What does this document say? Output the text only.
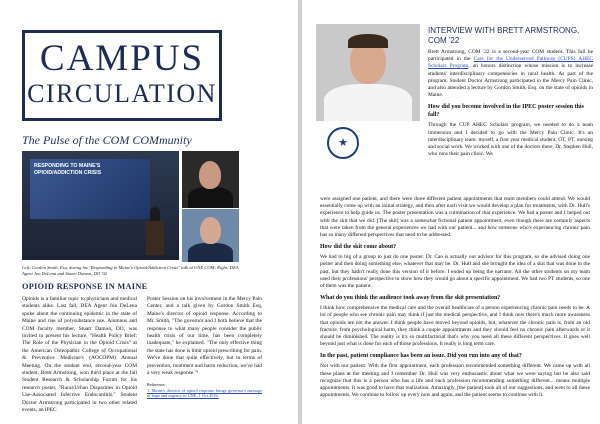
CAMPUS
CIRCULATION
The Pulse of the COM COMmunity
RESPONDING TO MAINE'S OPIOID/ADDICTION CRISIS
Left: Gordon Smith, Esq. during his "Responding to Maine's Opioid/Addiction Crisis" talk at UNE COM; Right: DEA Agent Jon DeLena and Stuart Damon, DO '02
OPIOID RESPONSE IN MAINE
Opioids is a familiar topic to physicians and medical students alike. Last fall, DEA Agent Jon DeLena spoke about the continuing epidemic in the state of Maine and rise of polysubstance use. Alumnus and COM faculty member, Stuart Damon, DO, was invited to present his lecture, "Health Policy Brief: The Role of the Physician in the Opioid Crisis" at the American Osteopathic College of Occupational & Preventive Medicine's (AOCOPM) Annual Meeting. On the student end, second-year COM student, Brett Armstrong, won third place at the fall Student Research & Scholarship Forum for his research poster, "Rural/Urban Disparities in Opioid Use-Associated Infective Endocarditis." Student Doctor Armstrong participated in two other related events, an IPEC
Poster Session on his involvement in the Mercy Pain Center, and a talk given by Gordon Smith Esq, Maine's director of opioid response. According to Mr. Smith, "The governor and I both believe that the response to what many people consider the public health crisis of our time, has been completely inadequate," he explained. "The only effective thing the state has done is limit opioid prescribing for pain. We've done that quite effectively, but in terms of prevention, treatment and harm reduction, we've had a very weak response."¹
Reference:
1. Maine's director of opioid response brings governor's message of hope and urgency to UNE. 1 Oct 2019.
★
INTERVIEW WITH BRETT ARMSTRONG, COM '22
Brett Armstrong, COM '22 is a second-year COM student. This fall he participated in the Care for the Underserved Pathway (CUPS) AHEC Scholars Program, an honors distinction whose mission is to increase students' interdisciplinary competencies in rural health. As part of the program, Student Doctor Armstrong participated in the Mercy Pain Clinic, and also attended a lecture by Gordon Smith, Esq. on the state of opioids in Maine.
How did you become involved in the IPEC poster session this fall?
Through the CUP AHEC Scholars program, we needed to do a team immersion and I decided to go with the Mercy Pain Clinic. It's an interdisciplinary team: myself, a first year medical student, OT, PT, nursing and social work. We worked with one of the doctors there, Dr. Stephen Hull, who runs their pain clinic. We
were assigned one patient, and there were three different patient appointments that team members could attend. We would essentially come up with an initial strategy, and then after each visit we would develop a plan for treatments, with Dr. Hull's experience to help guide us. The poster presentation was a culmination of that experience. We had a poster and I helped out with the skit that we did. [The skit] was a somewhat fictional patient appointment, even though there are certainly aspects that were taken from the general experiences we had with our patient... and how someone who's experiencing chronic pain has so many different perspectives that need to be addressed.
How did the skit come about?
We had to big of a group to just do one poster. Dr. Cao is actually our advisor for this program, so she advised doing one poster and then doing something else, whatever that may be. Dr. Hull and she brought the idea of a skit that was done in the past, but they hadn't really done this version of it before. I ended up being the narrator. All the other students on my team used their professions' perspective to show how they would go about a specific appointment. We had two PT students, so one of them was the patient.
What do you think the audience took away from the skit presentation?
I think how comprehensive the medical care and the overall healthcare of a person experiencing chronic pain needs to be. A lot of people who see chronic pain may think if just the medical perspective, and I think now there's much more awareness that opioids are not the answer. I think people have moved beyond opioids, but, whatever the chronic pain is, from an old fracture, from psychological harm, they think a couple appointments and they should feel no chronic pain afterwards or it should be diminished. The reality is it's so multifactorial that's why you need all these different perspectives. It goes well beyond just what is done for each of those professions. It really is long term care.
In the past, patient compliance has been an issue. Did you run into any of that?
Not with our patient. With the first appointment, each profession recommended something different. We came up with all these plans at the meeting and I remember Dr. Hull was very enthusiastic about what we were saying but he also said recognize that this is a person who has a life and each profession recommending something different... means multiple appointments. It was good to have that realization. Amazingly, [the patient] took all of our suggestions, and went to all these appointments. We continue to follow up every now and again, and the patient seems to continue with it.
